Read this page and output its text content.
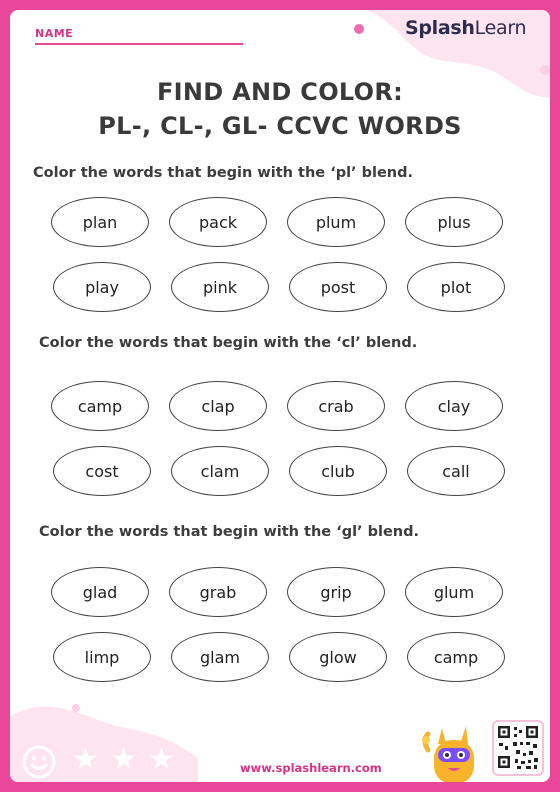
NAME	SplashLearn
FIND AND COLOR:
PL-, CL-, GL- CCVC WORDS
Color the words that begin with the ‘pl’ blend.
plan	pack	plum	plus
play	pink	post	plot
Color the words that begin with the ‘cl’ blend.
camp	clap	crab	clay
cost	clam	club	call
Color the words that begin with the ‘gl’ blend.
glad	grab	grip	glum
limp	glam	glow	camp
★ ★ ★	www.splashlearn.com
